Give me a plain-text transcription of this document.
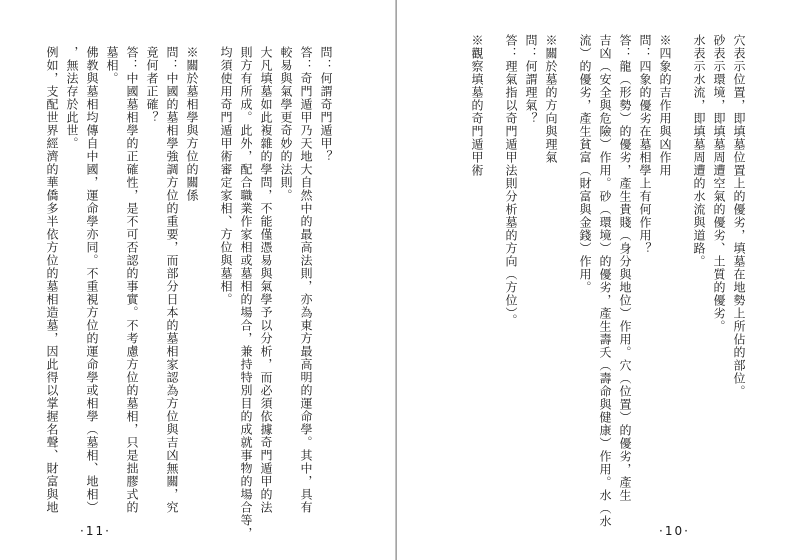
問：何謂奇門遁甲？
答：奇門遁甲乃天地大自然中的最高法則，亦為東方最高明的運命學。其中，具有
較易與氣學更奇妙的法則。
大凡填墓如此複雜的學問，不能僅憑易與氣學予以分析，而必須依據奇門遁甲的法
則方有所成。此外，配合職業作家相或墓相的場合，兼持特別目的成就事物的場合等，
均須使用奇門遁甲術審定家相、方位與墓相。
※關於墓相學與方位的關係
問：中國的墓相學強調方位的重要，而部分日本的墓相家認為方位與吉凶無關，究
竟何者正確？
答：中國墓相學的正確性，是不可否認的事實。不考慮方位的墓相，只是拙膠式的
墓相。
佛教與墓相均傳自中國，運命學亦同。不重視方位的運命學或相學（墓相、地相）
，無法存於此世。
例如，支配世界經濟的華僑多半依方位的墓相造墓，因此得以掌握名聲、財富與地
·11·
穴表示位置，即填墓位置上的優劣，填墓在地勢上所佔的部位。
砂表示環境，即填墓周遭空氣的優劣、土質的優劣。
水表示水流，即填墓周遭的水流與道路。
※四象的吉作用與凶作用
問：四象的優劣在墓相學上有何作用？
答：龍（形勢）的優劣，產生貴賤（身分與地位）作用。穴（位置）的優劣，產生
吉凶（安全與危險）作用。砂（環境）的優劣，產生壽夭（壽命與健康）作用。水（水
流）的優劣，產生貧富（財富與金錢）作用。
※關於墓的方向與理氣
問：何謂理氣？
答：理氣指以奇門遁甲法則分析墓的方向（方位）。
※觀察填墓的奇門遁甲術
·10·
